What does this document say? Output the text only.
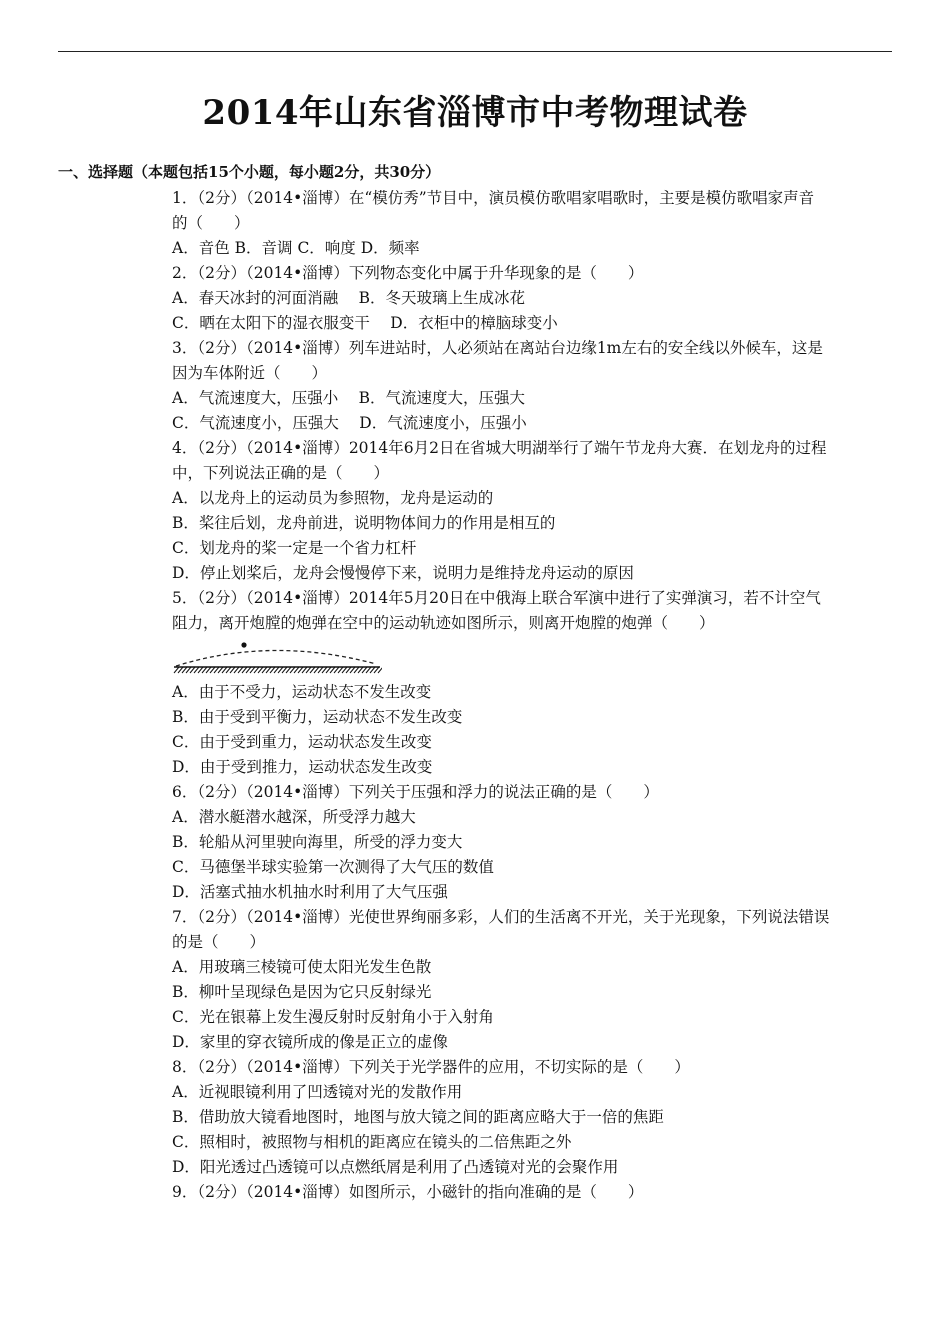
2014年山东省淄博市中考物理试卷
一、选择题（本题包括15个小题，每小题2分，共30分）
1．（2分）（2014•淄博）在“模仿秀”节目中，演员模仿歌唱家唱歌时，主要是模仿歌唱家声音
的（　　）
A．音色 B．音调 C．响度 D．频率
2．（2分）（2014•淄博）下列物态变化中属于升华现象的是（　　）
A．春天冰封的河面消融　 B．冬天玻璃上生成冰花
C．晒在太阳下的湿衣服变干　 D．衣柜中的樟脑球变小
3．（2分）（2014•淄博）列车进站时，人必须站在离站台边缘1m左右的安全线以外候车，这是
因为车体附近（　　）
A．气流速度大，压强小　 B．气流速度大，压强大
C．气流速度小，压强大　 D．气流速度小，压强小
4．（2分）（2014•淄博）2014年6月2日在省城大明湖举行了端午节龙舟大赛．在划龙舟的过程
中，下列说法正确的是（　　）
A．以龙舟上的运动员为参照物，龙舟是运动的
B．桨往后划，龙舟前进，说明物体间力的作用是相互的
C．划龙舟的桨一定是一个省力杠杆
D．停止划桨后，龙舟会慢慢停下来，说明力是维持龙舟运动的原因
5．（2分）（2014•淄博）2014年5月20日在中俄海上联合军演中进行了实弹演习，若不计空气
阻力，离开炮膛的炮弹在空中的运动轨迹如图所示，则离开炮膛的炮弹（　　）
A．由于不受力，运动状态不发生改变
B．由于受到平衡力，运动状态不发生改变
C．由于受到重力，运动状态发生改变
D．由于受到推力，运动状态发生改变
6．（2分）（2014•淄博）下列关于压强和浮力的说法正确的是（　　）
A．潜水艇潜水越深，所受浮力越大
B．轮船从河里驶向海里，所受的浮力变大
C．马德堡半球实验第一次测得了大气压的数值
D．活塞式抽水机抽水时利用了大气压强
7．（2分）（2014•淄博）光使世界绚丽多彩，人们的生活离不开光，关于光现象，下列说法错误
的是（　　）
A．用玻璃三棱镜可使太阳光发生色散
B．柳叶呈现绿色是因为它只反射绿光
C．光在银幕上发生漫反射时反射角小于入射角
D．家里的穿衣镜所成的像是正立的虚像
8．（2分）（2014•淄博）下列关于光学器件的应用，不切实际的是（　　）
A．近视眼镜利用了凹透镜对光的发散作用
B．借助放大镜看地图时，地图与放大镜之间的距离应略大于一倍的焦距
C．照相时，被照物与相机的距离应在镜头的二倍焦距之外
D．阳光透过凸透镜可以点燃纸屑是利用了凸透镜对光的会聚作用
9．（2分）（2014•淄博）如图所示，小磁针的指向准确的是（　　）
